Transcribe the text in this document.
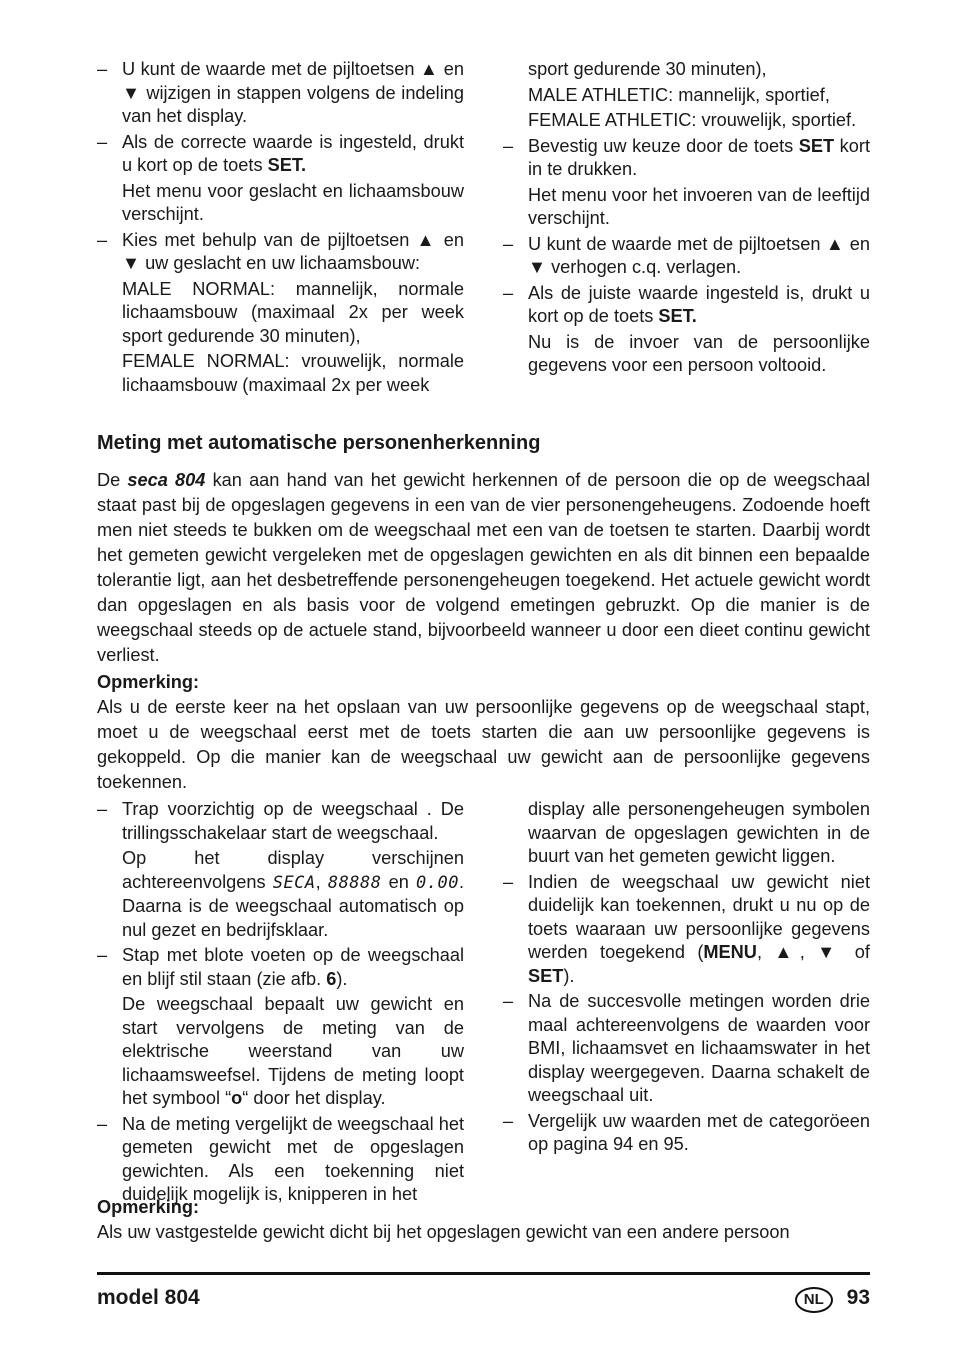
– U kunt de waarde met de pijltoetsen ▲ en ▼ wijzigen in stappen volgens de indeling van het display.
– Als de correcte waarde is ingesteld, drukt u kort op de toets SET.
Het menu voor geslacht en lichaamsbouw verschijnt.
– Kies met behulp van de pijltoetsen ▲ en ▼ uw geslacht en uw lichaamsbouw:
MALE NORMAL: mannelijk, normale lichaamsbouw (maximaal 2x per week sport gedurende 30 minuten),
FEMALE NORMAL: vrouwelijk, normale lichaamsbouw (maximaal 2x per week
sport gedurende 30 minuten),
MALE ATHLETIC: mannelijk, sportief,
FEMALE ATHLETIC: vrouwelijk, sportief.
– Bevestig uw keuze door de toets SET kort in te drukken.
Het menu voor het invoeren van de leeftijd verschijnt.
– U kunt de waarde met de pijltoetsen ▲ en ▼ verhogen c.q. verlagen.
– Als de juiste waarde ingesteld is, drukt u kort op de toets SET.
Nu is de invoer van de persoonlijke gegevens voor een persoon voltooid.
Meting met automatische personenherkenning
De seca 804 kan aan hand van het gewicht herkennen of de persoon die op de weegschaal staat past bij de opgeslagen gegevens in een van de vier personengeheugens. Zodoende hoeft men niet steeds te bukken om de weegschaal met een van de toetsen te starten. Daarbij wordt het gemeten gewicht vergeleken met de opgeslagen gewichten en als dit binnen een bepaalde tolerantie ligt, aan het desbetreffende personengeheugen toegekend. Het actuele gewicht wordt dan opgeslagen en als basis voor de volgend emetingen gebruzkt. Op die manier is de weegschaal steeds op de actuele stand, bijvoorbeeld wanneer u door een dieet continu gewicht verliest.
Opmerking:
Als u de eerste keer na het opslaan van uw persoonlijke gegevens op de weegschaal stapt, moet u de weegschaal eerst met de toets starten die aan uw persoonlijke gegevens is gekoppeld. Op die manier kan de weegschaal uw gewicht aan de persoonlijke gegevens toekennen.
– Trap voorzichtig op de weegschaal . De trillingsschakelaar start de weegschaal.
Op het display verschijnen achtereenvolgens SECA, 88888 en 0.00. Daarna is de weegschaal automatisch op nul gezet en bedrijfsklaar.
– Stap met blote voeten op de weegschaal en blijf stil staan (zie afb. 6).
De weegschaal bepaalt uw gewicht en start vervolgens de meting van de elektrische weerstand van uw lichaamsweefsel. Tijdens de meting loopt het symbool “o“ door het display.
– Na de meting vergelijkt de weegschaal het gemeten gewicht met de opgeslagen gewichten. Als een toekenning niet duidelijk mogelijk is, knipperen in het
display alle personengeheugen symbolen waarvan de opgeslagen gewichten in de buurt van het gemeten gewicht liggen.
– Indien de weegschaal uw gewicht niet duidelijk kan toekennen, drukt u nu op de toets waaraan uw persoonlijke gegevens werden toegekend (MENU, ▲, ▼ of SET).
– Na de succesvolle metingen worden drie maal achtereenvolgens de waarden voor BMI, lichaamsvet en lichaamswater in het display weergegeven. Daarna schakelt de weegschaal uit.
– Vergelijk uw waarden met de categoröeen op pagina 94 en 95.
Opmerking:
Als uw vastgestelde gewicht dicht bij het opgeslagen gewicht van een andere persoon
model 804	NL 93
